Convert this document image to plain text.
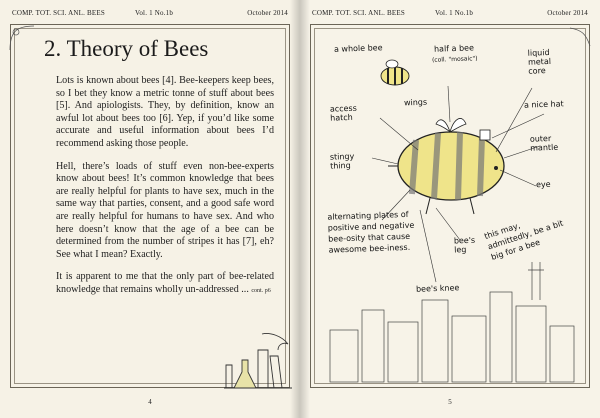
COMP. TOT. SCI. ANL. BEES	Vol. 1 No.1b	October 2014
2. Theory of Bees

Lots is known about bees [4]. Bee-keepers keep bees, so I bet they know a metric tonne of stuff about bees [5]. And apiologists. They, by definition, know an awful lot about bees too [6]. Yep, if you’d like some accurate and useful information about bees I’d recommend asking those people.

Hell, there’s loads of stuff even non-bee-experts know about bees! It’s common knowledge that bees are really helpful for plants to have sex, much in the same way that parties, consent, and a good safe word are really helpful for humans to have sex. And who here doesn’t know that the age of a bee can be determined from the number of stripes it has [7], eh? See what I mean? Exactly.

It is apparent to me that the only part of bee-related knowledge that remains wholly un-addressed ... cont. p6

4
COMP. TOT. SCI. ANL. BEES	Vol. 1 No.1b	October 2014
a whole bee	half a bee
(coll. "mosaic")
liquid metal core
a nice hat
outer mantle
eye
access hatch
wings
stingy thing
alternating plates of positive and negative bee-osity that cause awesome bee-iness.
bee's leg
bee's knee
this may, admittedly, be a bit big for a bee
5
